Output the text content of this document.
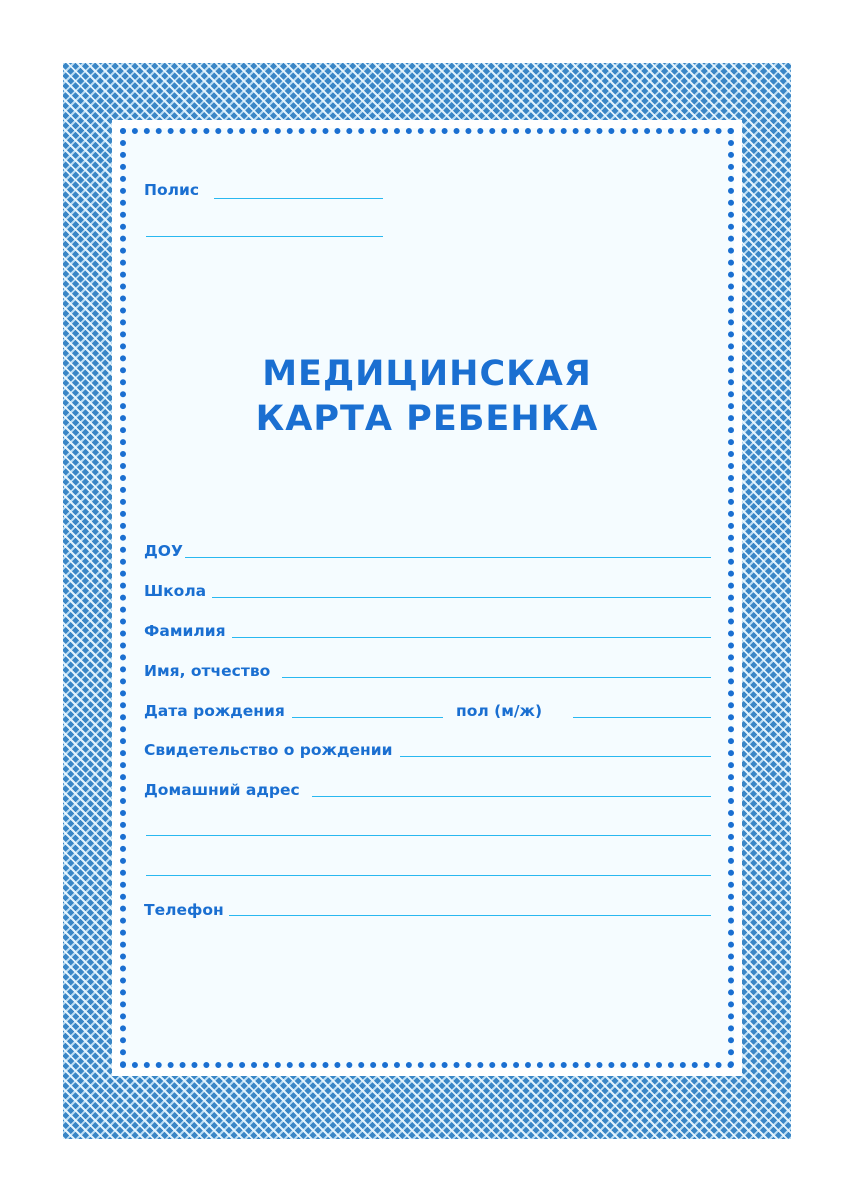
Полис

МЕДИЦИНСКАЯ

КАРТА РЕБЕНКА

ДОУ

Школа

Фамилия

Имя, отчество

Дата рождения	пол (м/ж)

Свидетельство о рождении

Домашний адрес

Телефон
